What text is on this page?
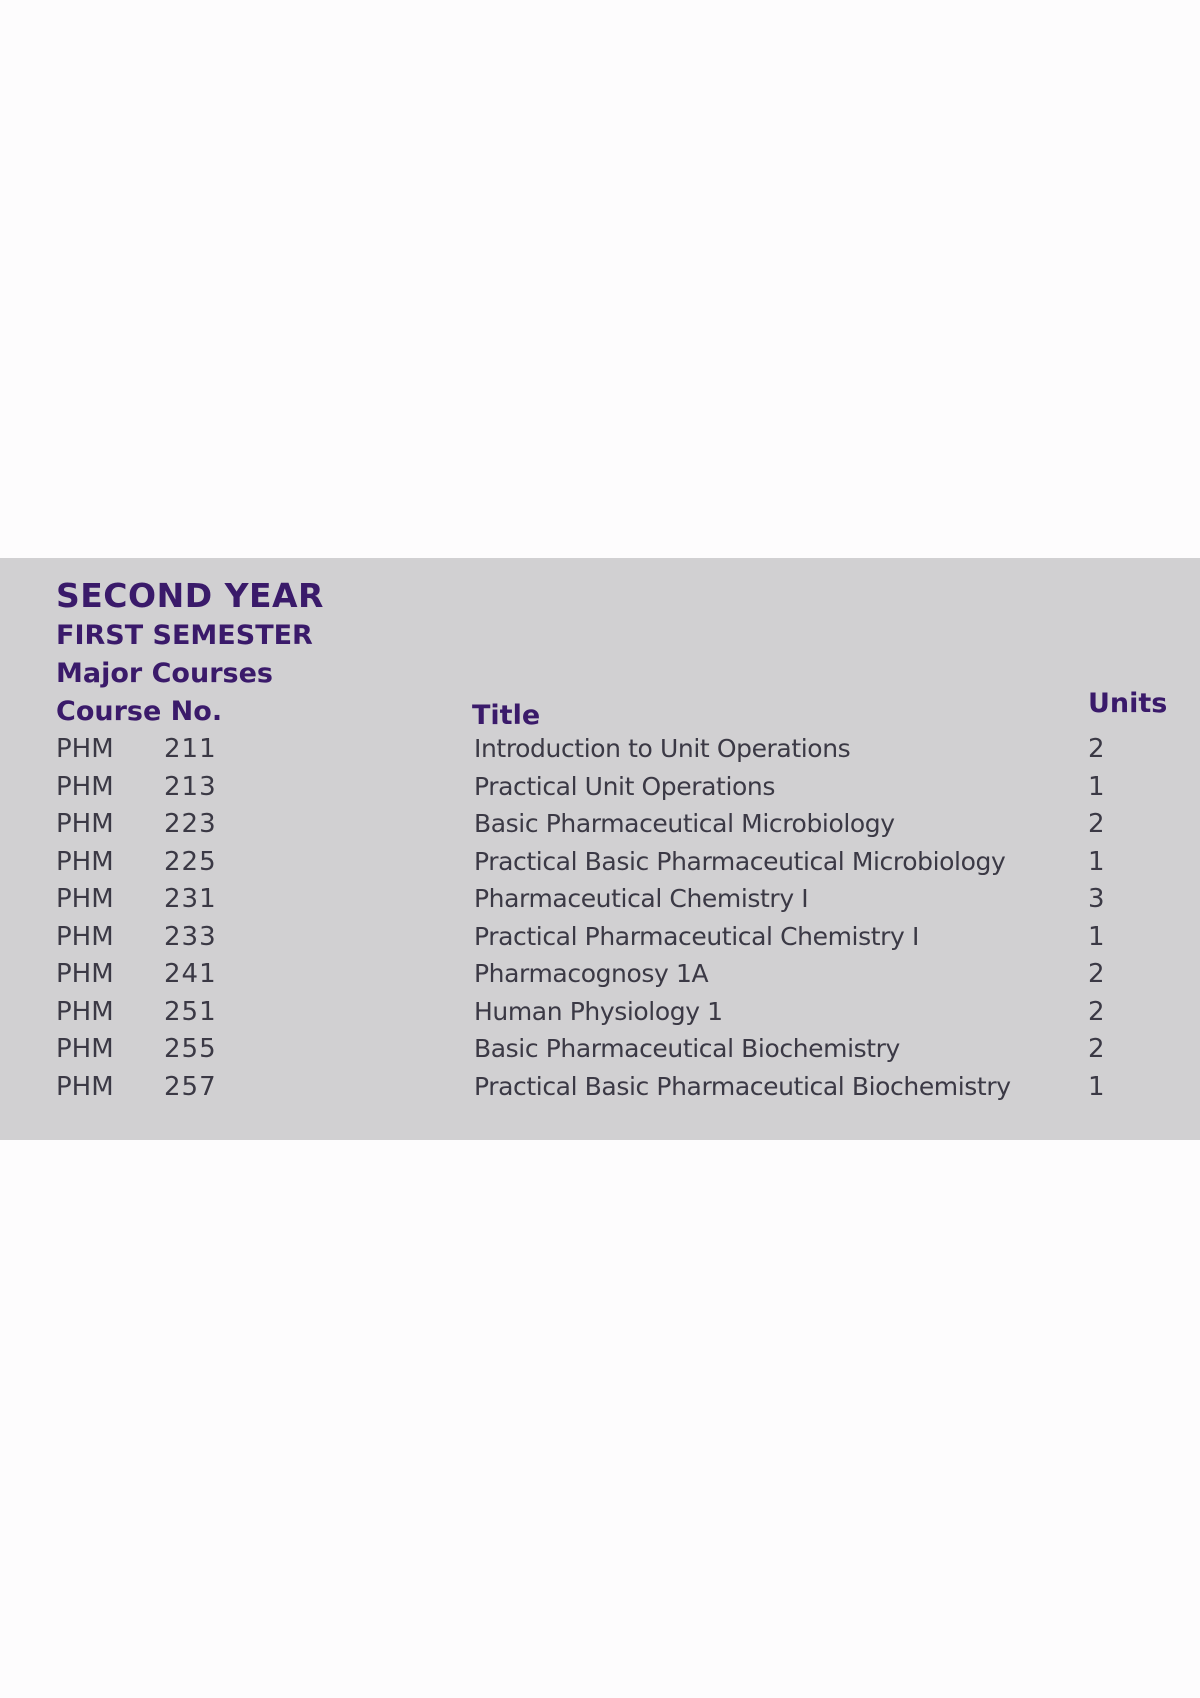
SECOND YEAR
FIRST SEMESTER
Major Courses
Course No.	Title	Units
PHM 211	Introduction to Unit Operations	2
PHM 213	Practical Unit Operations	1
PHM 223	Basic Pharmaceutical Microbiology	2
PHM 225	Practical Basic Pharmaceutical Microbiology	1
PHM 231	Pharmaceutical Chemistry I	3
PHM 233	Practical Pharmaceutical Chemistry I	1
PHM 241	Pharmacognosy 1A	2
PHM 251	Human Physiology 1	2
PHM 255	Basic Pharmaceutical Biochemistry	2
PHM 257	Practical Basic Pharmaceutical Biochemistry	1
